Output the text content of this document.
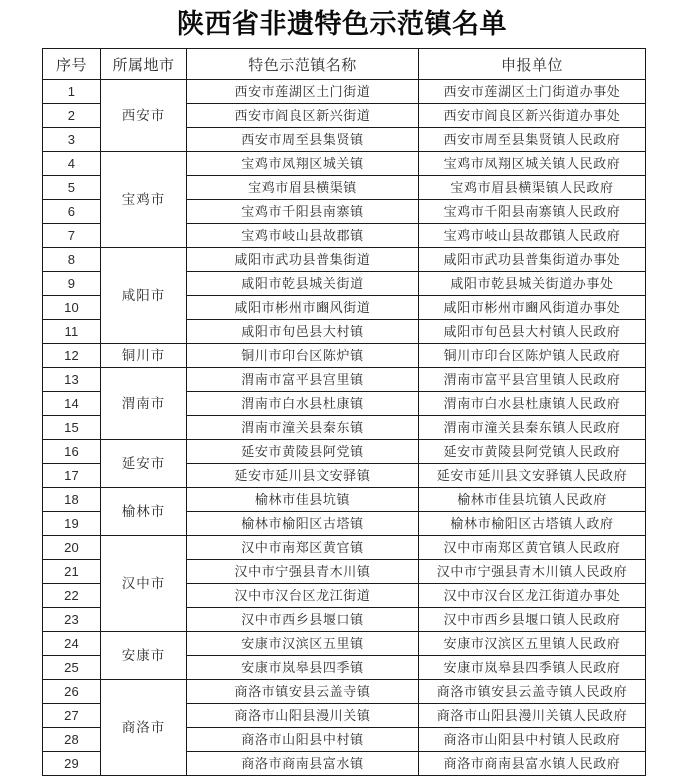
陕西省非遗特色示范镇名单
序号	所属地市	特色示范镇名称	申报单位
1	西安市	西安市莲湖区土门街道	西安市莲湖区土门街道办事处
2		西安市阎良区新兴街道	西安市阎良区新兴街道办事处
3		西安市周至县集贤镇	西安市周至县集贤镇人民政府
4	宝鸡市	宝鸡市凤翔区城关镇	宝鸡市凤翔区城关镇人民政府
5		宝鸡市眉县横渠镇	宝鸡市眉县横渠镇人民政府
6		宝鸡市千阳县南寨镇	宝鸡市千阳县南寨镇人民政府
7		宝鸡市岐山县故郡镇	宝鸡市岐山县故郡镇人民政府
8	咸阳市	咸阳市武功县普集街道	咸阳市武功县普集街道办事处
9		咸阳市乾县城关街道	咸阳市乾县城关街道办事处
10		咸阳市彬州市豳风街道	咸阳市彬州市豳风街道办事处
11		咸阳市旬邑县大村镇	咸阳市旬邑县大村镇人民政府
12	铜川市	铜川市印台区陈炉镇	铜川市印台区陈炉镇人民政府
13	渭南市	渭南市富平县宫里镇	渭南市富平县宫里镇人民政府
14		渭南市白水县杜康镇	渭南市白水县杜康镇人民政府
15		渭南市潼关县秦东镇	渭南市潼关县秦东镇人民政府
16	延安市	延安市黄陵县阿党镇	延安市黄陵县阿党镇人民政府
17		延安市延川县文安驿镇	延安市延川县文安驿镇人民政府
18	榆林市	榆林市佳县坑镇	榆林市佳县坑镇人民政府
19		榆林市榆阳区古塔镇	榆林市榆阳区古塔镇人政府
20	汉中市	汉中市南郑区黄官镇	汉中市南郑区黄官镇人民政府
21		汉中市宁强县青木川镇	汉中市宁强县青木川镇人民政府
22		汉中市汉台区龙江街道	汉中市汉台区龙江街道办事处
23		汉中市西乡县堰口镇	汉中市西乡县堰口镇人民政府
24	安康市	安康市汉滨区五里镇	安康市汉滨区五里镇人民政府
25		安康市岚皋县四季镇	安康市岚皋县四季镇人民政府
26	商洛市	商洛市镇安县云盖寺镇	商洛市镇安县云盖寺镇人民政府
27		商洛市山阳县漫川关镇	商洛市山阳县漫川关镇人民政府
28		商洛市山阳县中村镇	商洛市山阳县中村镇人民政府
29		商洛市商南县富水镇	商洛市商南县富水镇人民政府
